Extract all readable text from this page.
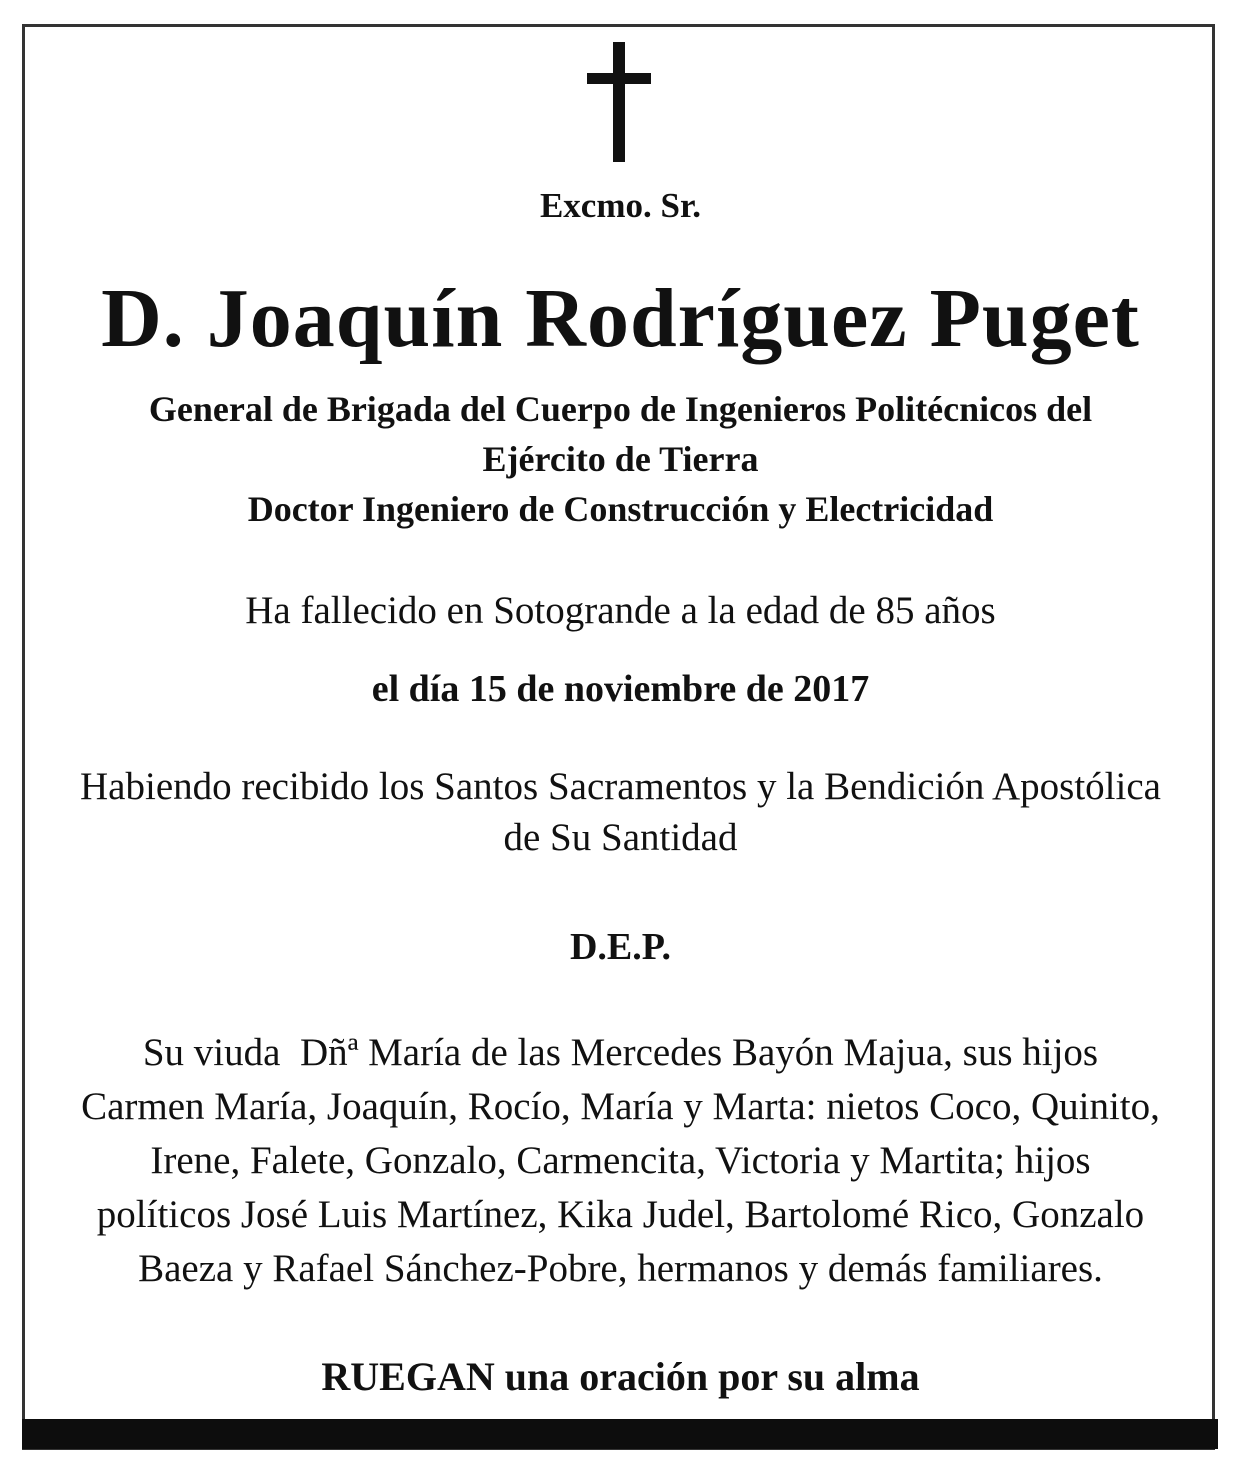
Excmo. Sr.
D. Joaquín Rodríguez Puget
General de Brigada del Cuerpo de Ingenieros Politécnicos del
Ejército de Tierra
Doctor Ingeniero de Construcción y Electricidad
Ha fallecido en Sotogrande a la edad de 85 años
el día 15 de noviembre de 2017
Habiendo recibido los Santos Sacramentos y la Bendición Apostólica
de Su Santidad
D.E.P.
Su viuda  Dñª María de las Mercedes Bayón Majua, sus hijos
Carmen María, Joaquín, Rocío, María y Marta: nietos Coco, Quinito,
Irene, Falete, Gonzalo, Carmencita, Victoria y Martita; hijos
políticos José Luis Martínez, Kika Judel, Bartolomé Rico, Gonzalo
Baeza y Rafael Sánchez-Pobre, hermanos y demás familiares.
RUEGAN una oración por su alma
